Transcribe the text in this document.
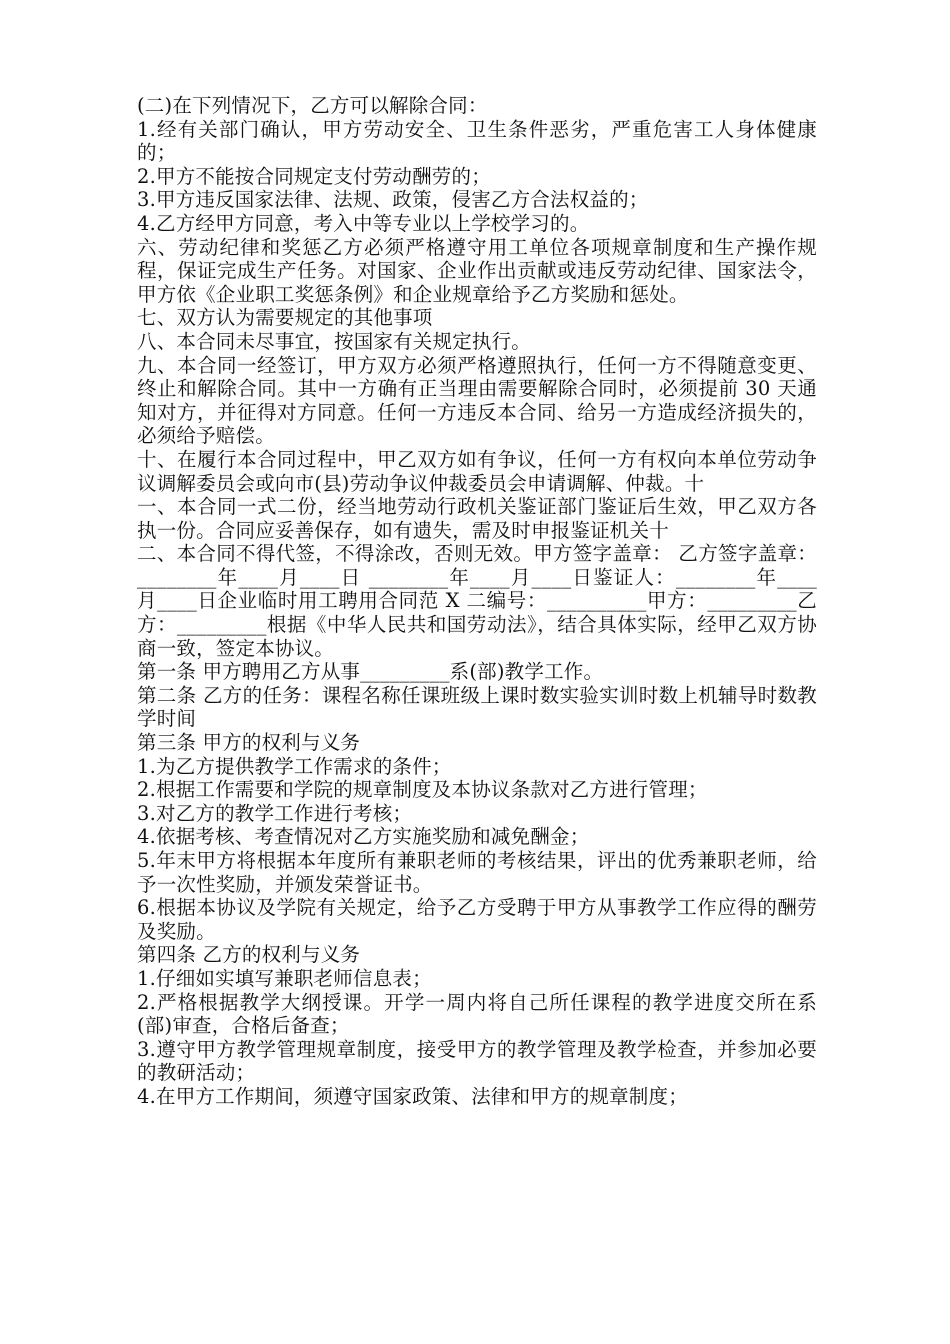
(二)在下列情况下，乙方可以解除合同：

1.经有关部门确认，甲方劳动安全、卫生条件恶劣，严重危害工人身体健康的；

2.甲方不能按合同规定支付劳动酬劳的；

3.甲方违反国家法律、法规、政策，侵害乙方合法权益的；

4.乙方经甲方同意，考入中等专业以上学校学习的。

六、劳动纪律和奖惩乙方必须严格遵守用工单位各项规章制度和生产操作规程，保证完成生产任务。对国家、企业作出贡献或违反劳动纪律、国家法令，甲方依《企业职工奖惩条例》和企业规章给予乙方奖励和惩处。

七、双方认为需要规定的其他事项

八、本合同未尽事宜，按国家有关规定执行。

九、本合同一经签订，甲方双方必须严格遵照执行，任何一方不得随意变更、终止和解除合同。其中一方确有正当理由需要解除合同时，必须提前 30 天通知对方，并征得对方同意。任何一方违反本合同、给另一方造成经济损失的，必须给予赔偿。

十、在履行本合同过程中，甲乙双方如有争议，任何一方有权向本单位劳动争议调解委员会或向市(县)劳动争议仲裁委员会申请调解、仲裁。十

一、本合同一式二份，经当地劳动行政机关鉴证部门鉴证后生效，甲乙双方各执一份。合同应妥善保存，如有遗失，需及时申报鉴证机关十

二、本合同不得代签，不得涂改，否则无效。甲方签字盖章： 乙方签字盖章：________年____月____日 ________年____月____日鉴证人：________年____月____日企业临时用工聘用合同范 X 二编号：__________甲方：_________乙方：_________根据《中华人民共和国劳动法》，结合具体实际，经甲乙双方协商一致，签定本协议。

第一条 甲方聘用乙方从事_________系(部)教学工作。

第二条 乙方的任务：课程名称任课班级上课时数实验实训时数上机辅导时数教学时间

第三条 甲方的权利与义务

1.为乙方提供教学工作需求的条件；

2.根据工作需要和学院的规章制度及本协议条款对乙方进行管理；

3.对乙方的教学工作进行考核；

4.依据考核、考查情况对乙方实施奖励和减免酬金；

5.年末甲方将根据本年度所有兼职老师的考核结果，评出的优秀兼职老师，给予一次性奖励，并颁发荣誉证书。

6.根据本协议及学院有关规定，给予乙方受聘于甲方从事教学工作应得的酬劳及奖励。

第四条 乙方的权利与义务

1.仔细如实填写兼职老师信息表；

2.严格根据教学大纲授课。开学一周内将自己所任课程的教学进度交所在系(部)审查，合格后备查；

3.遵守甲方教学管理规章制度，接受甲方的教学管理及教学检查，并参加必要的教研活动；

4.在甲方工作期间，须遵守国家政策、法律和甲方的规章制度；
